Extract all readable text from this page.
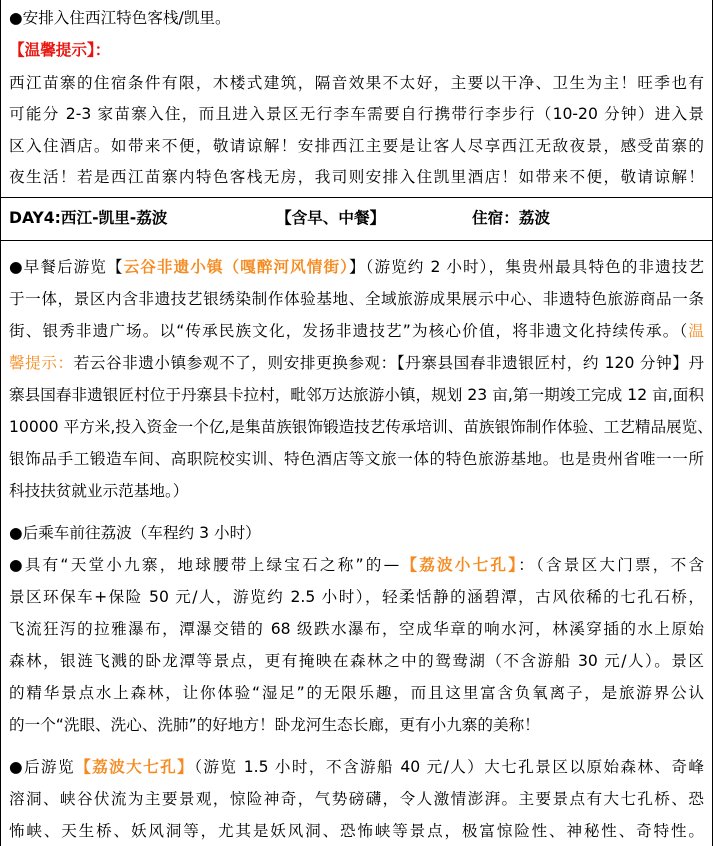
●安排入住西江特色客栈/凯里。
【温馨提示】：
西江苗寨的住宿条件有限，木楼式建筑，隔音效果不太好，主要以干净、卫生为主！旺季也有
可能分 2-3 家苗寨入住，而且进入景区无行李车需要自行携带行李步行（10-20 分钟）进入景
区入住酒店。如带来不便，敬请谅解！安排西江主要是让客人尽享西江无敌夜景，感受苗寨的
夜生活！若是西江苗寨内特色客栈无房，我司则安排入住凯里酒店！如带来不便，敬请谅解！
DAY4:西江-凯里-荔波	【含早、中餐】	住宿：荔波
●早餐后游览【云谷非遗小镇（嘎醉河风情街）】（游览约 2 小时），集贵州最具特色的非遗技艺
于一体，景区内含非遗技艺银绣染制作体验基地、全域旅游成果展示中心、非遗特色旅游商品一条
街、银秀非遗广场。以“传承民族文化，发扬非遗技艺”为核心价值，将非遗文化持续传承。（温
馨提示：若云谷非遗小镇参观不了，则安排更换参观：【丹寨县国春非遗银匠村，约 120 分钟】丹
寨县国春非遗银匠村位于丹寨县卡拉村，毗邻万达旅游小镇，规划 23 亩,第一期竣工完成 12 亩,面积
10000 平方米,投入资金一个亿,是集苗族银饰锻造技艺传承培训、苗族银饰制作体验、工艺精品展览、
银饰品手工锻造车间、高职院校实训、特色酒店等文旅一体的特色旅游基地。也是贵州省唯一一所
科技扶贫就业示范基地。）
●后乘车前往荔波（车程约 3 小时）
●具有“天堂小九寨，地球腰带上绿宝石之称”的—【荔波小七孔】：（含景区大门票，不含
景区环保车+保险 50 元/人，游览约 2.5 小时），轻柔恬静的涵碧潭，古风依稀的七孔石桥，
飞流狂泻的拉雅瀑布，潭瀑交错的 68 级跌水瀑布，空成华章的响水河，林溪穿插的水上原始
森林，银涟飞溅的卧龙潭等景点，更有掩映在森林之中的鸳鸯湖（不含游船 30 元/人）。景区
的精华景点水上森林，让你体验“湿足”的无限乐趣，而且这里富含负氧离子，是旅游界公认
的一个“洗眼、洗心、洗肺”的好地方！卧龙河生态长廊，更有小九寨的美称！
●后游览【荔波大七孔】（游览 1.5 小时，不含游船 40 元/人）大七孔景区以原始森林、奇峰
溶洞、峡谷伏流为主要景观，惊险神奇，气势磅礴，令人激情澎湃。主要景点有大七孔桥、恐
怖峡、天生桥、妖风洞等，尤其是妖风洞、恐怖峡等景点，极富惊险性、神秘性、奇特性。
